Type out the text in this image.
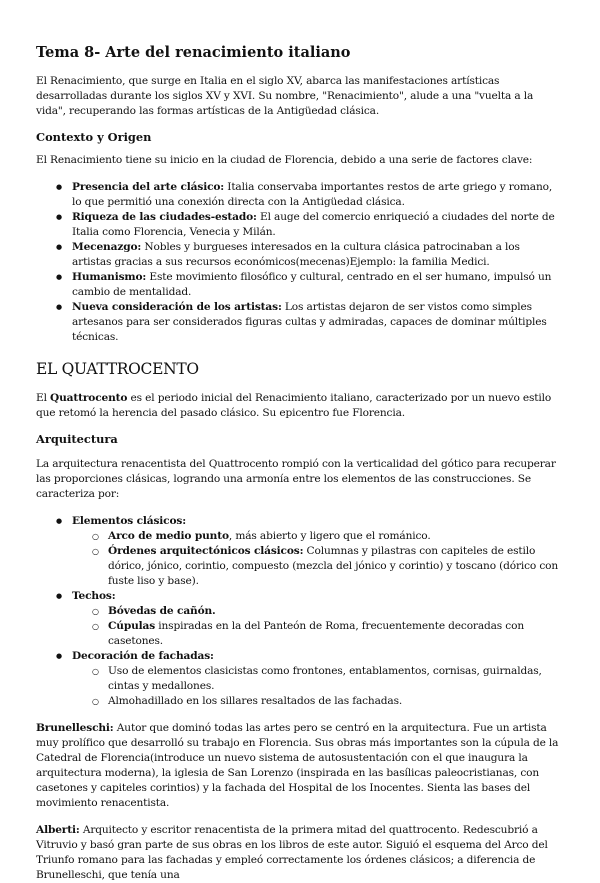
Tema 8- Arte del renacimiento italiano

El Renacimiento, que surge en Italia en el siglo XV, abarca las manifestaciones artísticas desarrolladas durante los siglos XV y XVI. Su nombre, "Renacimiento", alude a una "vuelta a la vida", recuperando las formas artísticas de la Antigüedad clásica.

Contexto y Origen

El Renacimiento tiene su inicio en la ciudad de Florencia, debido a una serie de factores clave:

● Presencia del arte clásico: Italia conservaba importantes restos de arte griego y romano, lo que permitió una conexión directa con la Antigüedad clásica.
● Riqueza de las ciudades-estado: El auge del comercio enriqueció a ciudades del norte de Italia como Florencia, Venecia y Milán.
● Mecenazgo: Nobles y burgueses interesados en la cultura clásica patrocinaban a los artistas gracias a sus recursos económicos(mecenas)Ejemplo: la familia Medici.
● Humanismo: Este movimiento filosófico y cultural, centrado en el ser humano, impulsó un cambio de mentalidad.
● Nueva consideración de los artistas: Los artistas dejaron de ser vistos como simples artesanos para ser considerados figuras cultas y admiradas, capaces de dominar múltiples técnicas.
EL QUATTROCENTO

El Quattrocento es el periodo inicial del Renacimiento italiano, caracterizado por un nuevo estilo que retomó la herencia del pasado clásico. Su epicentro fue Florencia.

Arquitectura

La arquitectura renacentista del Quattrocento rompió con la verticalidad del gótico para recuperar las proporciones clásicas, logrando una armonía entre los elementos de las construcciones. Se caracteriza por:

● Elementos clásicos:
○ Arco de medio punto, más abierto y ligero que el románico.
○ Órdenes arquitectónicos clásicos: Columnas y pilastras con capiteles de estilo dórico, jónico, corintio, compuesto (mezcla del jónico y corintio) y toscano (dórico con fuste liso y base).
● Techos:
○ Bóvedas de cañón.
○ Cúpulas inspiradas en la del Panteón de Roma, frecuentemente decoradas con casetones.
● Decoración de fachadas:
○ Uso de elementos clasicistas como frontones, entablamentos, cornisas, guirnaldas, cintas y medallones.
○ Almohadillado en los sillares resaltados de las fachadas.

Brunelleschi: Autor que dominó todas las artes pero se centró en la arquitectura. Fue un artista muy prolífico que desarrolló su trabajo en Florencia. Sus obras más importantes son la cúpula de la Catedral de Florencia(introduce un nuevo sistema de autosustentación con el que inaugura la arquitectura moderna), la iglesia de San Lorenzo (inspirada en las basílicas paleocristianas, con casetones y capiteles corintios) y la fachada del Hospital de los Inocentes. Sienta las bases del movimiento renacentista.

Alberti: Arquitecto y escritor renacentista de la primera mitad del quattrocento. Redescubrió a Vitruvio y basó gran parte de sus obras en los libros de este autor. Siguió el esquema del Arco del Triunfo romano para las fachadas y empleó correctamente los órdenes clásicos; a diferencia de Brunelleschi, que tenía una
